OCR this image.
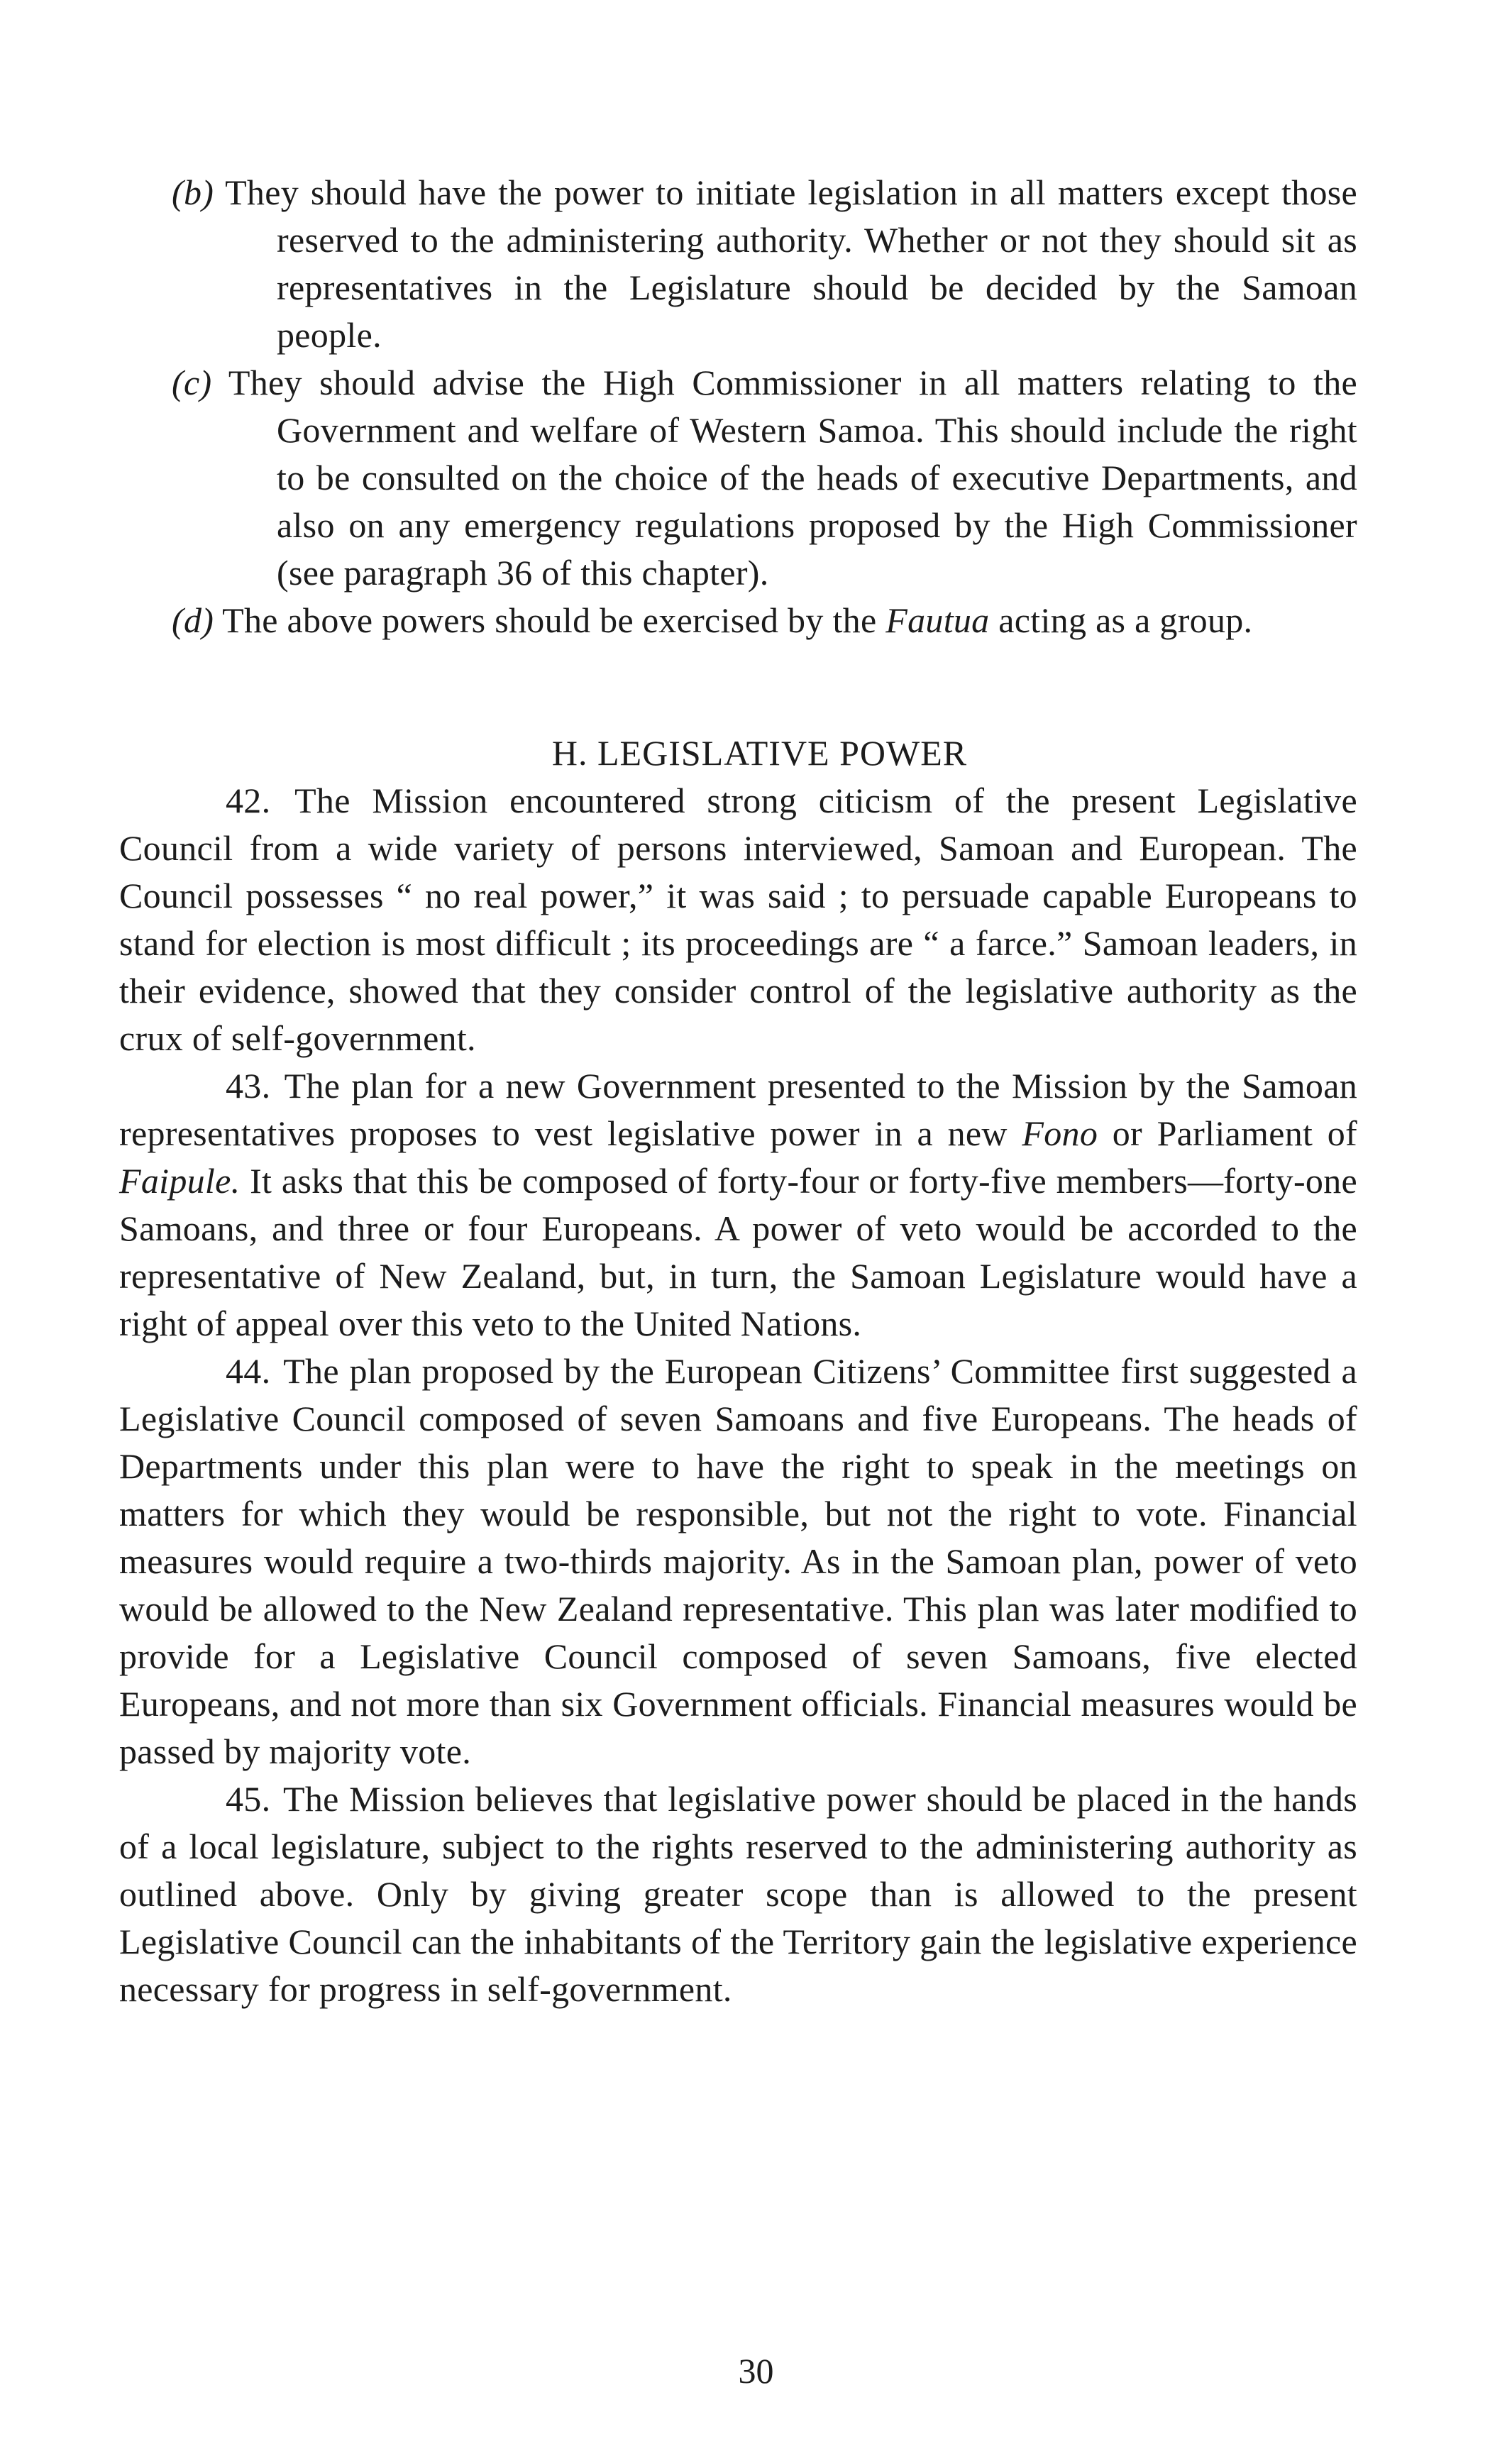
(b) They should have the power to initiate legislation in all matters except those reserved to the administering authority. Whether or not they should sit as representatives in the Legislature should be decided by the Samoan people.

(c) They should advise the High Commissioner in all matters relating to the Government and welfare of Western Samoa. This should include the right to be consulted on the choice of the heads of executive Departments, and also on any emergency regulations proposed by the High Commissioner (see paragraph 36 of this chapter).

(d) The above powers should be exercised by the Fautua acting as a group.

H. LEGISLATIVE POWER

42. The Mission encountered strong citicism of the present Legislative Council from a wide variety of persons interviewed, Samoan and European. The Council possesses “ no real power,” it was said ; to persuade capable Europeans to stand for election is most difficult ; its proceedings are “ a farce.” Samoan leaders, in their evidence, showed that they consider control of the legislative authority as the crux of self-government.

43. The plan for a new Government presented to the Mission by the Samoan representatives proposes to vest legislative power in a new Fono or Parliament of Faipule. It asks that this be composed of forty-four or forty-five members—forty-one Samoans, and three or four Europeans. A power of veto would be accorded to the representative of New Zealand, but, in turn, the Samoan Legislature would have a right of appeal over this veto to the United Nations.

44. The plan proposed by the European Citizens’ Committee first suggested a Legislative Council composed of seven Samoans and five Europeans. The heads of Departments under this plan were to have the right to speak in the meetings on matters for which they would be responsible, but not the right to vote. Financial measures would require a two-thirds majority. As in the Samoan plan, power of veto would be allowed to the New Zealand representative. This plan was later modified to provide for a Legislative Council composed of seven Samoans, five elected Europeans, and not more than six Government officials. Financial measures would be passed by majority vote.

45. The Mission believes that legislative power should be placed in the hands of a local legislature, subject to the rights reserved to the administering authority as outlined above. Only by giving greater scope than is allowed to the present Legislative Council can the inhabitants of the Territory gain the legislative experience necessary for progress in self-government.

30
